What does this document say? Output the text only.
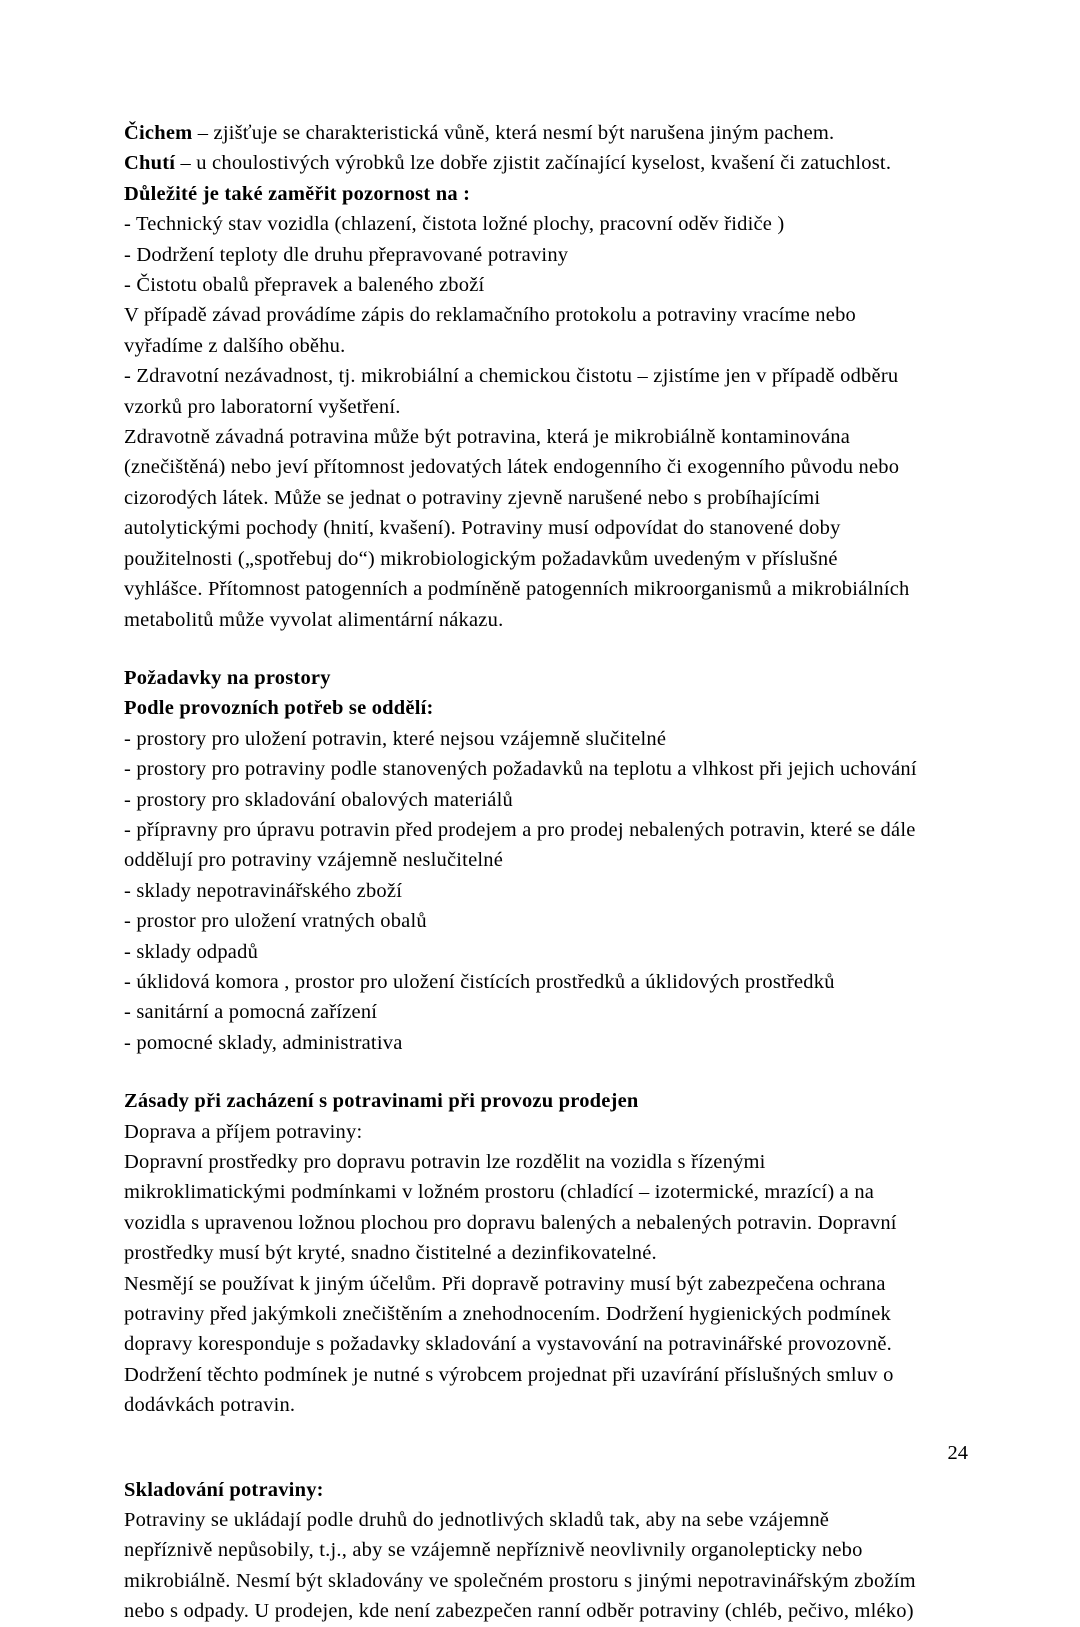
Čichem – zjišťuje se charakteristická vůně, která nesmí být narušena jiným pachem.
Chutí – u choulostivých výrobků lze dobře zjistit začínající kyselost, kvašení či zatuchlost.
Důležité je také zaměřit pozornost na :
- Technický stav vozidla (chlazení, čistota ložné plochy, pracovní oděv řidiče )
- Dodržení teploty dle druhu přepravované potraviny
- Čistotu obalů přepravek a baleného zboží
V případě závad provádíme zápis do reklamačního protokolu a potraviny vracíme nebo
vyřadíme z dalšího oběhu.
- Zdravotní nezávadnost, tj. mikrobiální a chemickou čistotu – zjistíme jen v případě odběru
vzorků pro laboratorní vyšetření.
Zdravotně závadná potravina může být potravina, která je mikrobiálně kontaminována
(znečištěná) nebo jeví přítomnost jedovatých látek endogenního či exogenního původu nebo
cizorodých látek. Může se jednat o potraviny zjevně narušené nebo s probíhajícími
autolytickými pochody (hnití, kvašení). Potraviny musí odpovídat do stanovené doby
použitelnosti („spotřebuj do“) mikrobiologickým požadavkům uvedeným v příslušné
vyhlášce. Přítomnost patogenních a podmíněně patogenních mikroorganismů a mikrobiálních
metabolitů může vyvolat alimentární nákazu.
Požadavky na prostory
Podle provozních potřeb se oddělí:
- prostory pro uložení potravin, které nejsou vzájemně slučitelné
- prostory pro potraviny podle stanovených požadavků na teplotu a vlhkost při jejich uchování
- prostory pro skladování obalových materiálů
- přípravny pro úpravu potravin před prodejem a pro prodej nebalených potravin, které se dále
oddělují pro potraviny vzájemně neslučitelné
- sklady nepotravinářského zboží
- prostor pro uložení vratných obalů
- sklady odpadů
- úklidová komora , prostor pro uložení čistících prostředků a úklidových prostředků
- sanitární a pomocná zařízení
- pomocné sklady, administrativa
Zásady při zacházení s potravinami při provozu prodejen
Doprava a příjem potraviny:
Dopravní prostředky pro dopravu potravin lze rozdělit na vozidla s řízenými
mikroklimatickými podmínkami v ložném prostoru (chladící – izotermické, mrazící) a na
vozidla s upravenou ložnou plochou pro dopravu balených a nebalených potravin. Dopravní
prostředky musí být kryté, snadno čistitelné a dezinfikovatelné.
Nesmějí se používat k jiným účelům. Při dopravě potraviny musí být zabezpečena ochrana
potraviny před jakýmkoli znečištěním a znehodnocením. Dodržení hygienických podmínek
dopravy koresponduje s požadavky skladování a vystavování na potravinářské provozovně.
Dodržení těchto podmínek je nutné s výrobcem projednat při uzavírání příslušných smluv o
dodávkách potravin.
Skladování potraviny:
Potraviny se ukládají podle druhů do jednotlivých skladů tak, aby na sebe vzájemně
nepříznivě nepůsobily, t.j., aby se vzájemně nepříznivě neovlivnily organolepticky nebo
mikrobiálně. Nesmí být skladovány ve společném prostoru s jinými nepotravinářským zbožím
nebo s odpady. U prodejen, kde není zabezpečen ranní odběr potraviny (chléb, pečivo, mléko)
24
